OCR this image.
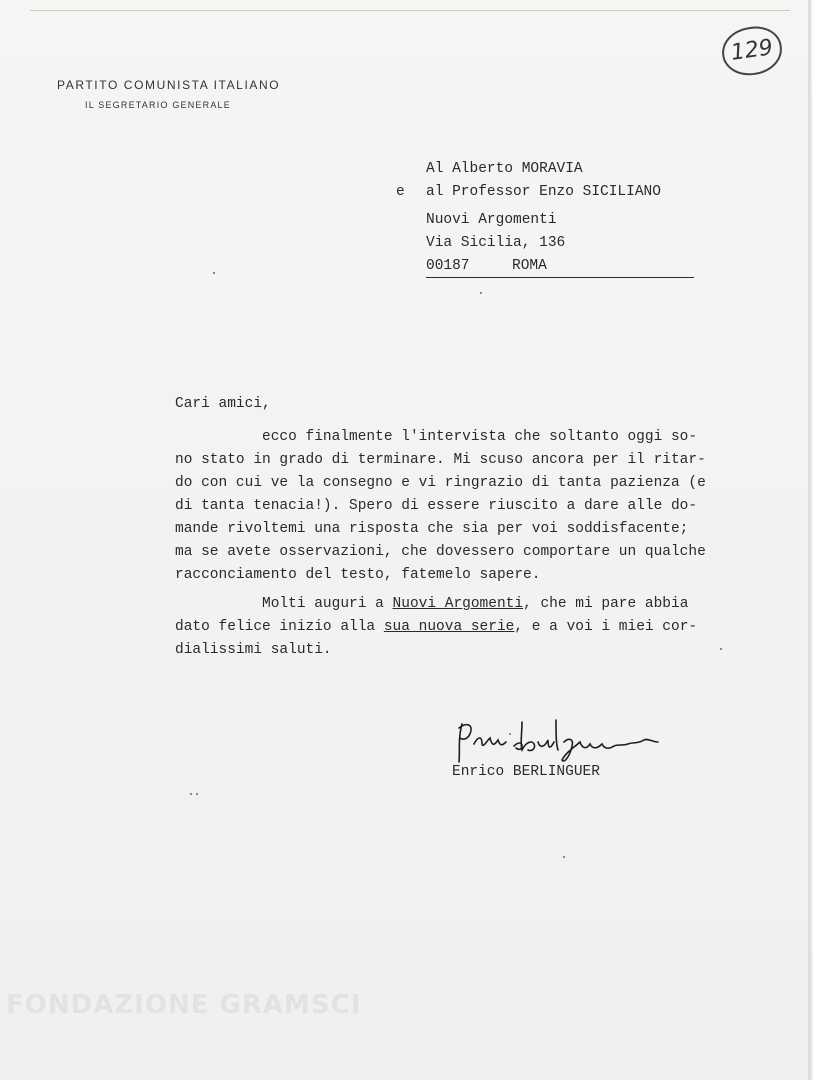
129
PARTITO COMUNISTA ITALIANO
IL SEGRETARIO GENERALE
Al Alberto MORAVIA
e al Professor Enzo SICILIANO
Nuovi Argomenti
Via Sicilia, 136
00187	ROMA
Cari amici,
ecco finalmente l'intervista che soltanto oggi so-
no stato in grado di terminare. Mi scuso ancora per il ritar-
do con cui ve la consegno e vi ringrazio di tanta pazienza (e
di tanta tenacia!). Spero di essere riuscito a dare alle do-
mande rivoltemi una risposta che sia per voi soddisfacente;
ma se avete osservazioni, che dovessero comportare un qualche
racconciamento del testo, fatemelo sapere.
Molti auguri a Nuovi Argomenti, che mi pare abbia
dato felice inizio alla sua nuova serie, e a voi i miei cor-
dialissimi saluti.
Enrico BERLINGUER
FONDAZIONE GRAMSCI
